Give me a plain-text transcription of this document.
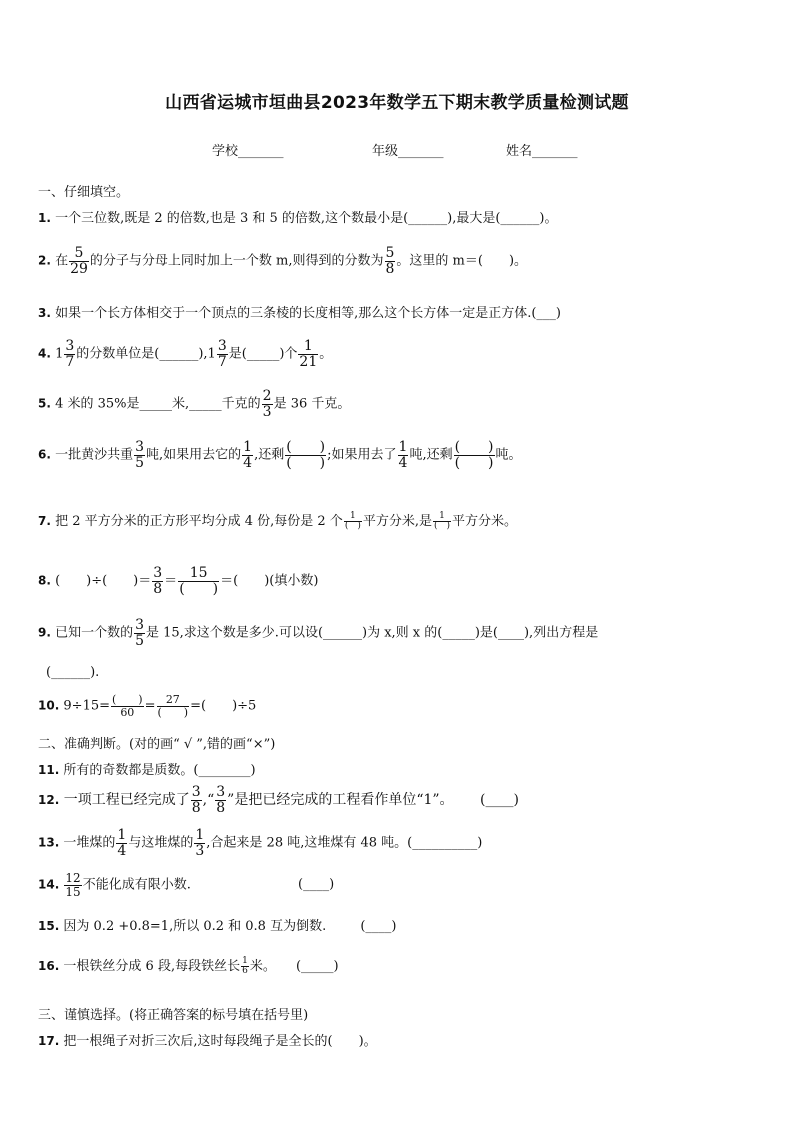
山西省运城市垣曲县2023年数学五下期末教学质量检测试题
学校_______	年级_______	姓名_______
一、仔细填空。
1. 一个三位数,既是 2 的倍数,也是 3 和 5 的倍数,这个数最小是(______),最大是(______)。
2. 在 $\frac{5}{29}$ 的分子与分母上同时加上一个数 m,则得到的分数为 $\frac{5}{8}$ 。这里的 m＝(　　)。
3. 如果一个长方体相交于一个顶点的三条棱的长度相等,那么这个长方体一定是正方体.(___)
4. $1 \frac{3}{7}$ 的分数单位是(______),1 $\frac{3}{7}$ 是(_____)个 $\frac{1}{21}$ 。
5. 4 米的 35%是_____米,_____千克的 $\frac{2}{3}$ 是 36 千克。
6. 一批黄沙共重 $\frac{3}{5}$ 吨,如果用去它的 $\frac{1}{4}$ ,还剩 $\frac{( )}{( )}$ ;如果用去了 $\frac{1}{4}$ 吨,还剩 $\frac{( )}{( )}$ 吨。
7. 把 2 平方分米的正方形平均分成 4 份,每份是 2 个 $\frac{1}{( )}$ 平方分米,是 $\frac{1}{( )}$ 平方分米。
8. (　　)÷(　　)＝ $\frac{3}{8} = \frac{15}{( )}$ ＝(　　)(填小数)
9. 已知一个数的 $\frac{3}{5}$ 是 15,求这个数是多少.可以设(______)为 x,则 x 的(_____)是(____),列出方程是
(______).
10. $9\div 15= \frac{( )}{60} = \frac{27}{( )}$ =(　　)÷5
二、准确判断。(对的画“ √ ”,错的画“×”)
11. 所有的奇数都是质数。(________)
12. 一项工程已经完成了 $\frac{3}{8}$ ,“ $\frac{3}{8}$ ”是把已经完成的工程看作单位“1”。 (____)
13. 一堆煤的 $\frac{1}{4}$ 与这堆煤的 $\frac{1}{3}$ ,合起来是 28 吨,这堆煤有 48 吨。(__________)
14. $\frac{12}{15}$ 不能化成有限小数.	(____)
15. 因为 0.2 +0.8=1,所以 0.2 和 0.8 互为倒数.	(____)
16. 一根铁丝分成 6 段,每段铁丝长 $\frac{1}{6}$ 米。 (_____)
三、谨慎选择。(将正确答案的标号填在括号里)
17. 把一根绳子对折三次后,这时每段绳子是全长的(　　)。
